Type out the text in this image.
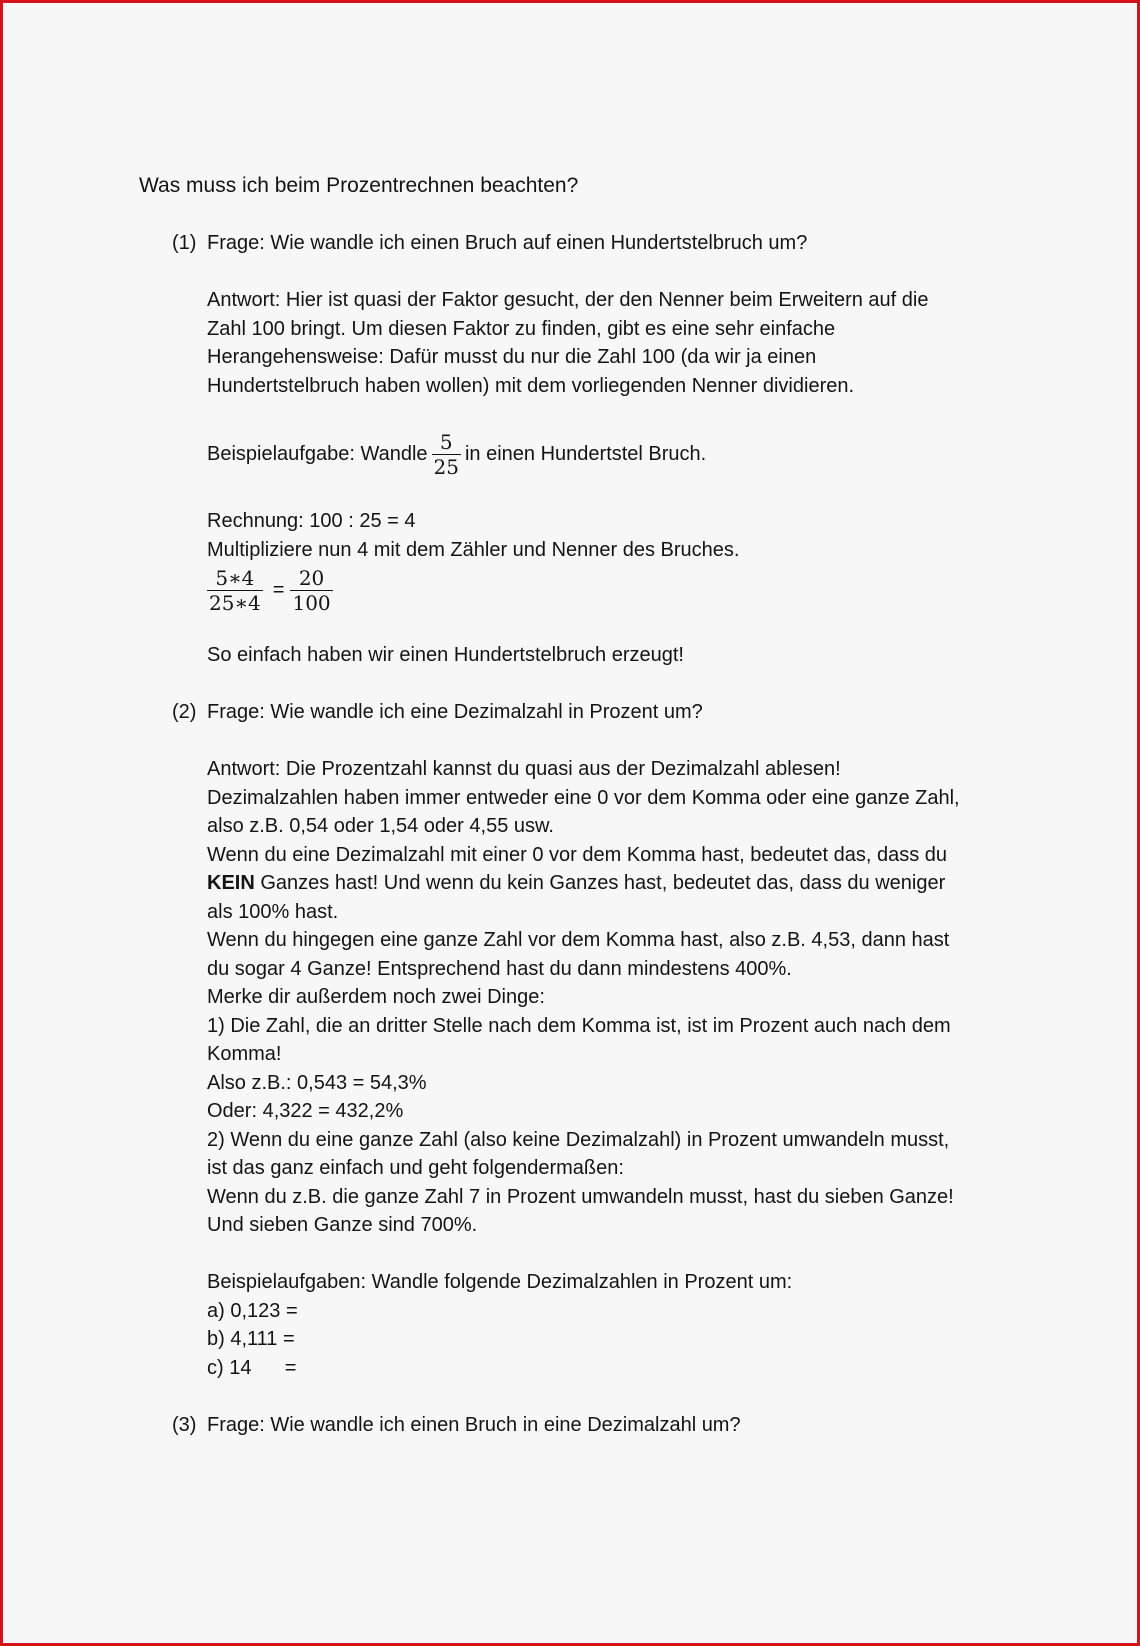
Was muss ich beim Prozentrechnen beachten?
(1) Frage: Wie wandle ich einen Bruch auf einen Hundertstelbruch um?

Antwort: Hier ist quasi der Faktor gesucht, der den Nenner beim Erweitern auf die

Zahl 100 bringt. Um diesen Faktor zu finden, gibt es eine sehr einfache

Herangehensweise: Dafür musst du nur die Zahl 100 (da wir ja einen

Hundertstelbruch haben wollen) mit dem vorliegenden Nenner dividieren.

Beispielaufgabe: Wandle $\frac{5}{25}$ in einen Hundertstel Bruch.

Rechnung: 100 : 25 = 4

Multipliziere nun 4 mit dem Zähler und Nenner des Bruches.

$\frac{5∗4}{25∗4} = \frac{20}{100}$

So einfach haben wir einen Hundertstelbruch erzeugt!

(2) Frage: Wie wandle ich eine Dezimalzahl in Prozent um?

Antwort: Die Prozentzahl kannst du quasi aus der Dezimalzahl ablesen!

Dezimalzahlen haben immer entweder eine 0 vor dem Komma oder eine ganze Zahl,

also z.B. 0,54 oder 1,54 oder 4,55 usw.

Wenn du eine Dezimalzahl mit einer 0 vor dem Komma hast, bedeutet das, dass du

KEIN Ganzes hast! Und wenn du kein Ganzes hast, bedeutet das, dass du weniger

als 100% hast.

Wenn du hingegen eine ganze Zahl vor dem Komma hast, also z.B. 4,53, dann hast

du sogar 4 Ganze! Entsprechend hast du dann mindestens 400%.

Merke dir außerdem noch zwei Dinge:

1) Die Zahl, die an dritter Stelle nach dem Komma ist, ist im Prozent auch nach dem

Komma!

Also z.B.: 0,543 = 54,3%

Oder: 4,322 = 432,2%

2) Wenn du eine ganze Zahl (also keine Dezimalzahl) in Prozent umwandeln musst,

ist das ganz einfach und geht folgendermaßen:

Wenn du z.B. die ganze Zahl 7 in Prozent umwandeln musst, hast du sieben Ganze!

Und sieben Ganze sind 700%.

Beispielaufgaben: Wandle folgende Dezimalzahlen in Prozent um:

a) 0,123 =

b) 4,111 =

c) 14      =

(3) Frage: Wie wandle ich einen Bruch in eine Dezimalzahl um?
